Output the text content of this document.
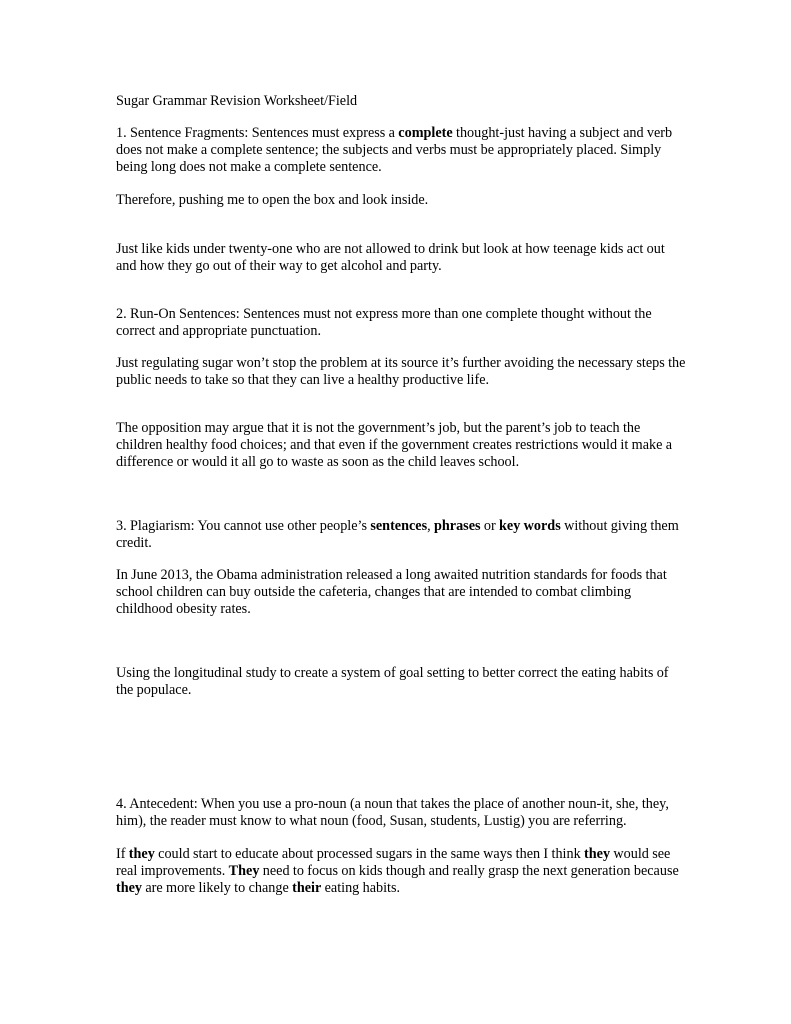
Sugar Grammar Revision Worksheet/Field
1. Sentence Fragments: Sentences must express a complete thought-just having a subject and verb does not make a complete sentence; the subjects and verbs must be appropriately placed. Simply being long does not make a complete sentence.
Therefore, pushing me to open the box and look inside.
Just like kids under twenty-one who are not allowed to drink but look at how teenage kids act out and how they go out of their way to get alcohol and party.
2. Run-On Sentences: Sentences must not express more than one complete thought without the correct and appropriate punctuation.
Just regulating sugar won’t stop the problem at its source it’s further avoiding the necessary steps the public needs to take so that they can live a healthy productive life.
The opposition may argue that it is not the government’s job, but the parent’s job to teach the children healthy food choices; and that even if the government creates restrictions would it make a difference or would it all go to waste as soon as the child leaves school.
3. Plagiarism: You cannot use other people’s sentences, phrases or key words without giving them credit.
In June 2013, the Obama administration released a long awaited nutrition standards for foods that school children can buy outside the cafeteria, changes that are intended to combat climbing childhood obesity rates.
Using the longitudinal study to create a system of goal setting to better correct the eating habits of the populace.
4. Antecedent: When you use a pro-noun (a noun that takes the place of another noun-it, she, they, him), the reader must know to what noun (food, Susan, students, Lustig) you are referring.
If they could start to educate about processed sugars in the same ways then I think they would see real improvements. They need to focus on kids though and really grasp the next generation because they are more likely to change their eating habits.
